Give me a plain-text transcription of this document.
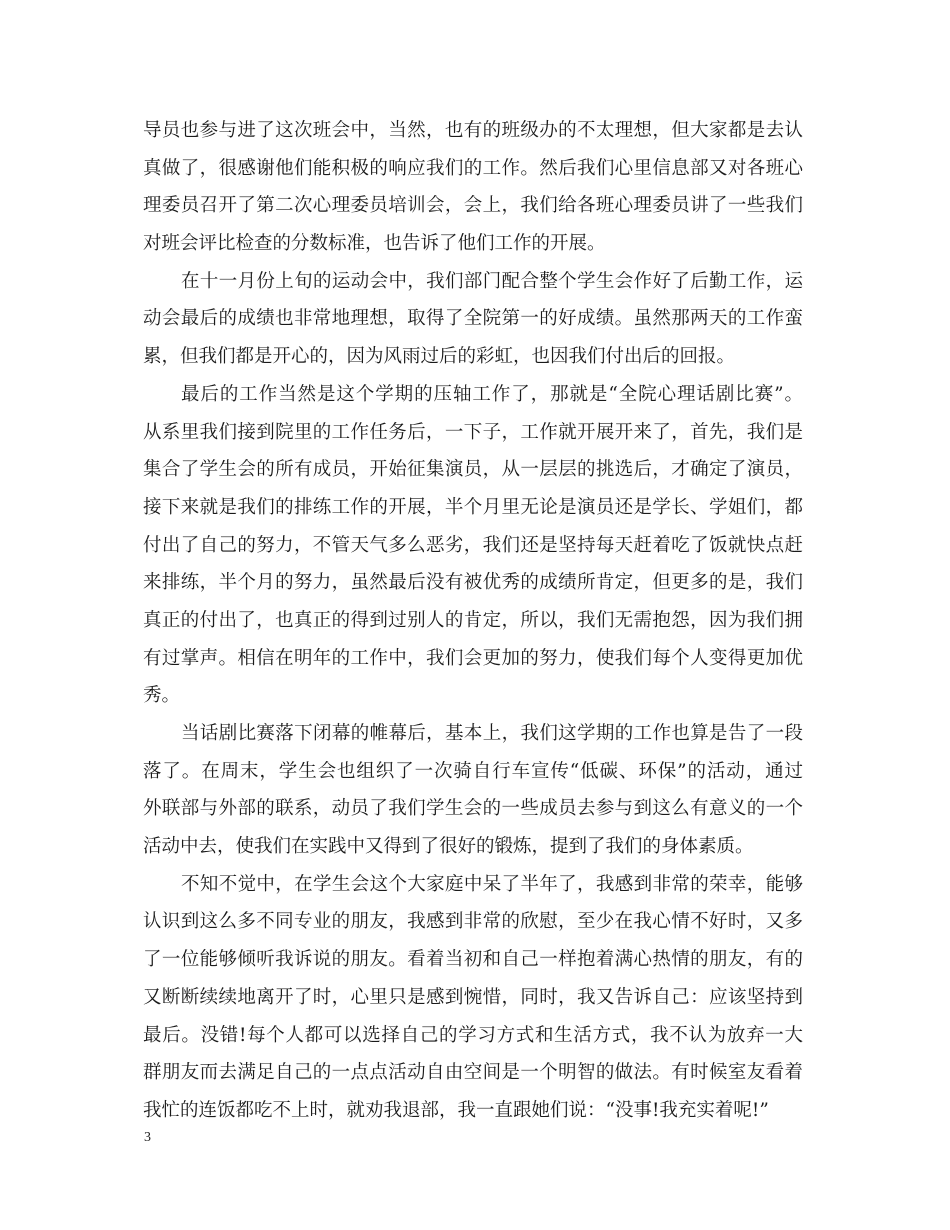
导员也参与进了这次班会中，当然，也有的班级办的不太理想，但大家都是去认
真做了，很感谢他们能积极的响应我们的工作。然后我们心里信息部又对各班心
理委员召开了第二次心理委员培训会，会上，我们给各班心理委员讲了一些我们
对班会评比检查的分数标准，也告诉了他们工作的开展。
在十一月份上旬的运动会中，我们部门配合整个学生会作好了后勤工作，运
动会最后的成绩也非常地理想，取得了全院第一的好成绩。虽然那两天的工作蛮
累，但我们都是开心的，因为风雨过后的彩虹，也因我们付出后的回报。
最后的工作当然是这个学期的压轴工作了，那就是“全院心理话剧比赛”。
从系里我们接到院里的工作任务后，一下子，工作就开展开来了，首先，我们是
集合了学生会的所有成员，开始征集演员，从一层层的挑选后，才确定了演员，
接下来就是我们的排练工作的开展，半个月里无论是演员还是学长、学姐们，都
付出了自己的努力，不管天气多么恶劣，我们还是坚持每天赶着吃了饭就快点赶
来排练，半个月的努力，虽然最后没有被优秀的成绩所肯定，但更多的是，我们
真正的付出了，也真正的得到过别人的肯定，所以，我们无需抱怨，因为我们拥
有过掌声。相信在明年的工作中，我们会更加的努力，使我们每个人变得更加优
秀。
当话剧比赛落下闭幕的帷幕后，基本上，我们这学期的工作也算是告了一段
落了。在周末，学生会也组织了一次骑自行车宣传“低碳、环保”的活动，通过
外联部与外部的联系，动员了我们学生会的一些成员去参与到这么有意义的一个
活动中去，使我们在实践中又得到了很好的锻炼，提到了我们的身体素质。
不知不觉中，在学生会这个大家庭中呆了半年了，我感到非常的荣幸，能够
认识到这么多不同专业的朋友，我感到非常的欣慰，至少在我心情不好时，又多
了一位能够倾听我诉说的朋友。看着当初和自己一样抱着满心热情的朋友，有的
又断断续续地离开了时，心里只是感到惋惜，同时，我又告诉自己：应该坚持到
最后。没错!每个人都可以选择自己的学习方式和生活方式，我不认为放弃一大
群朋友而去满足自己的一点点活动自由空间是一个明智的做法。有时候室友看着
我忙的连饭都吃不上时，就劝我退部，我一直跟她们说：“没事!我充实着呢!”
3
